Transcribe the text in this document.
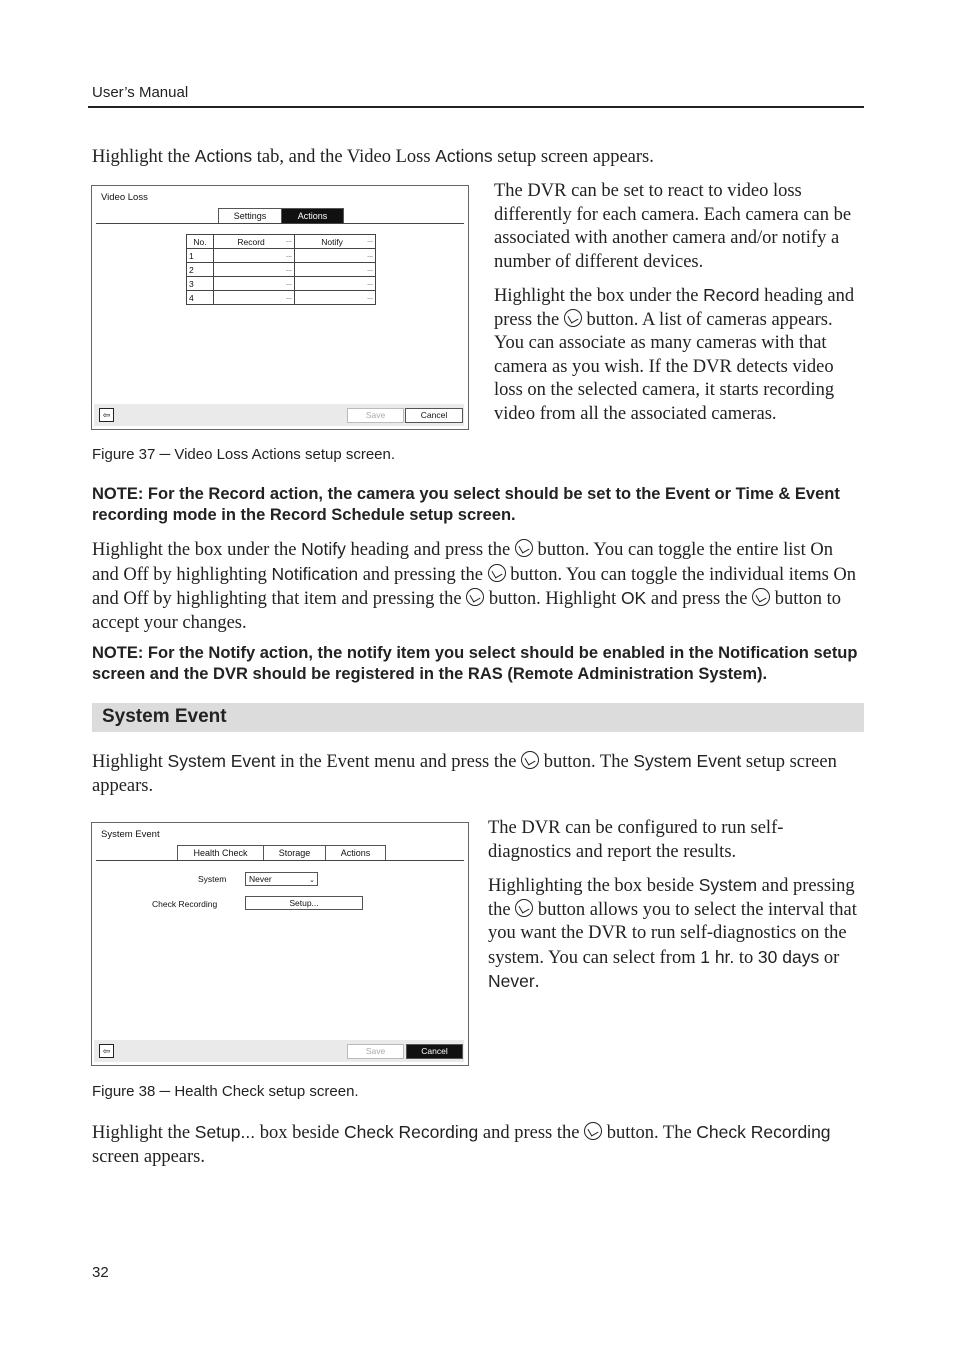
User’s Manual
Highlight the Actions tab, and the Video Loss Actions setup screen appears.
Video Loss
Settings	Actions
No.	Record ...	Notify ...

1	...	...

2	...	...

3	...	...

4	...	...
⇦	Save	Cancel
Figure 37 ─ Video Loss Actions setup screen.
The DVR can be set to react to video loss differently for each camera. Each camera can be associated with another camera and/or notify a number of different devices.
Highlight the box under the Record heading and press the  button. A list of cameras appears. You can associate as many cameras with that camera as you wish. If the DVR detects video loss on the selected camera, it starts recording video from all the associated cameras.
NOTE: For the Record action, the camera you select should be set to the Event or Time & Event recording mode in the Record Schedule setup screen.
Highlight the box under the Notify heading and press the  button. You can toggle the entire list On and Off by highlighting Notification and pressing the  button. You can toggle the individual items On and Off by highlighting that item and pressing the  button. Highlight OK and press the  button to accept your changes.
NOTE: For the Notify action, the notify item you select should be enabled in the Notification setup screen and the DVR should be registered in the RAS (Remote Administration System).
System Event
Highlight System Event in the Event menu and press the  button. The System Event setup screen appears.
System Event
Health Check	Storage	Actions
System	Never	⌄
Check Recording	Setup...
⇦	Save	Cancel
Figure 38 ─ Health Check setup screen.
The DVR can be configured to run self-diagnostics and report the results.
Highlighting the box beside System and pressing the  button allows you to select the interval that you want the DVR to run self-diagnostics on the system. You can select from 1 hr. to 30 days or Never.
Highlight the Setup... box beside Check Recording and press the  button. The Check Recording screen appears.
32
